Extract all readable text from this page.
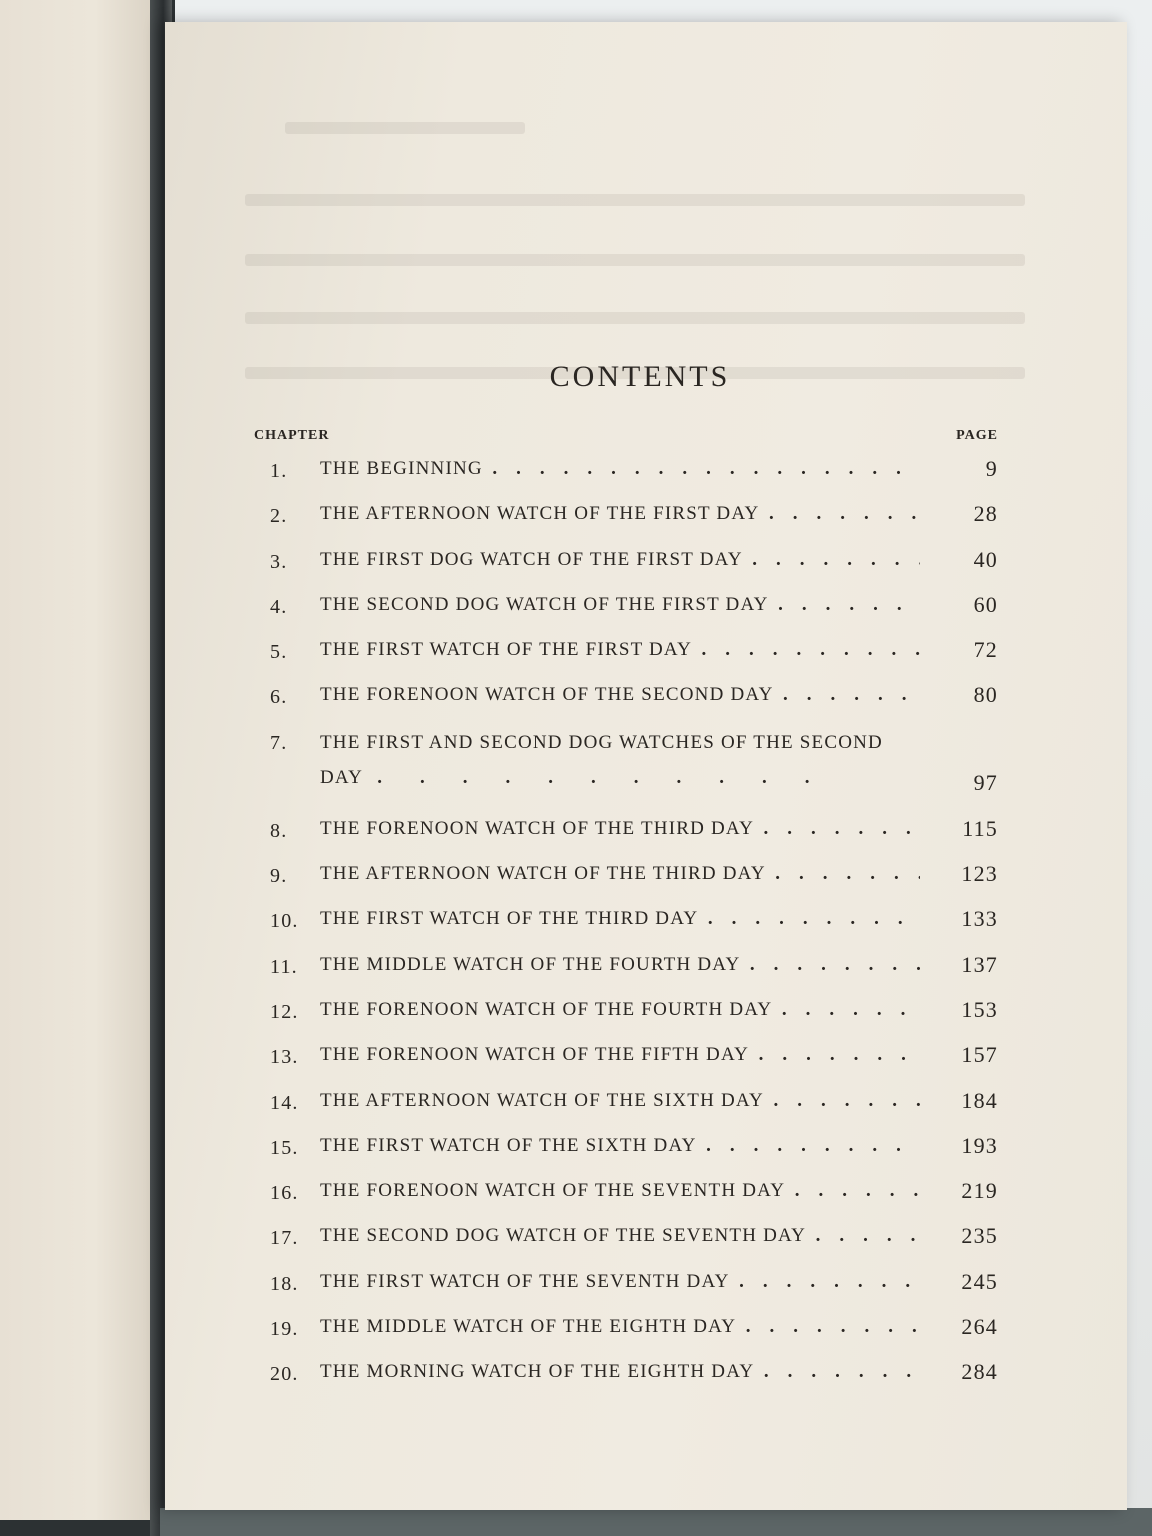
CONTENTS
CHAPTER	PAGE
1.	THE BEGINNING .	9
2.	THE AFTERNOON WATCH OF THE FIRST DAY .	28
3.	THE FIRST DOG WATCH OF THE FIRST DAY .	40
4.	THE SECOND DOG WATCH OF THE FIRST DAY .	60
5.	THE FIRST WATCH OF THE FIRST DAY .	72
6.	THE FORENOON WATCH OF THE SECOND DAY .	80
7.	THE FIRST AND SECOND DOG WATCHES OF THE SECOND
DAY .	97
8.	THE FORENOON WATCH OF THE THIRD DAY .	115
9.	THE AFTERNOON WATCH OF THE THIRD DAY .	123
10.	THE FIRST WATCH OF THE THIRD DAY .	133
11.	THE MIDDLE WATCH OF THE FOURTH DAY .	137
12.	THE FORENOON WATCH OF THE FOURTH DAY .	153
13.	THE FORENOON WATCH OF THE FIFTH DAY .	157
14.	THE AFTERNOON WATCH OF THE SIXTH DAY .	184
15.	THE FIRST WATCH OF THE SIXTH DAY .	193
16.	THE FORENOON WATCH OF THE SEVENTH DAY .	219
17.	THE SECOND DOG WATCH OF THE SEVENTH DAY .	235
18.	THE FIRST WATCH OF THE SEVENTH DAY .	245
19.	THE MIDDLE WATCH OF THE EIGHTH DAY .	264
20.	THE MORNING WATCH OF THE EIGHTH DAY .	284
